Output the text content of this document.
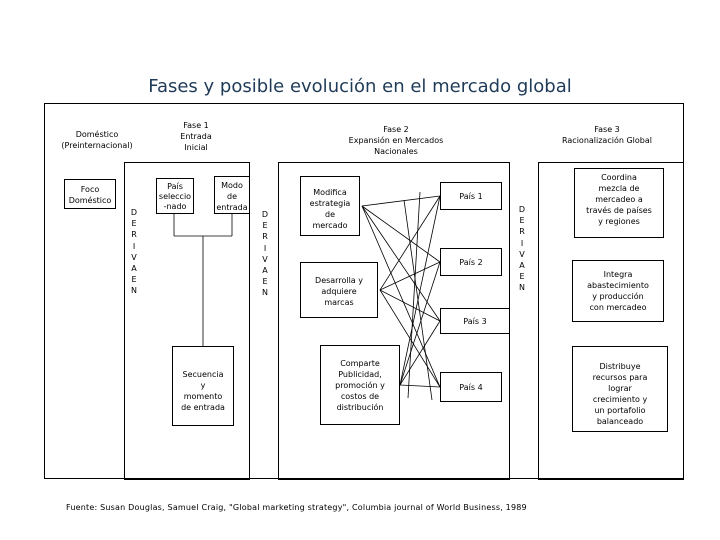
Fases y posible evolución en el mercado global
Doméstico
(Preinternacional)
Fase 1
Entrada
Inicial
Fase 2
Expansión en Mercados
Nacionales
Fase 3
Racionalización Global
Foco
Doméstico
D
E
R
I
V
A
E
N
D
E
R
I
V
A
E
N
D
E
R
I
V
A
E
N
País
seleccio
-nado
Modo
de
entrada
Secuencia
y
momento
de entrada
Modifica
estrategia
de
mercado
Desarrolla y
adquiere
marcas
Comparte
Publicidad,
promoción y
costos de
distribución
País 1
País 2
País 3
País 4
Coordina
mezcla de
mercadeo a
través de países
y regiones
Integra
abastecimiento
y producción
con mercadeo
Distribuye
recursos para
lograr
crecimiento y
un portafolio
balanceado
Fuente: Susan Douglas, Samuel Craig, "Global marketing strategy", Columbia journal of World Business, 1989
